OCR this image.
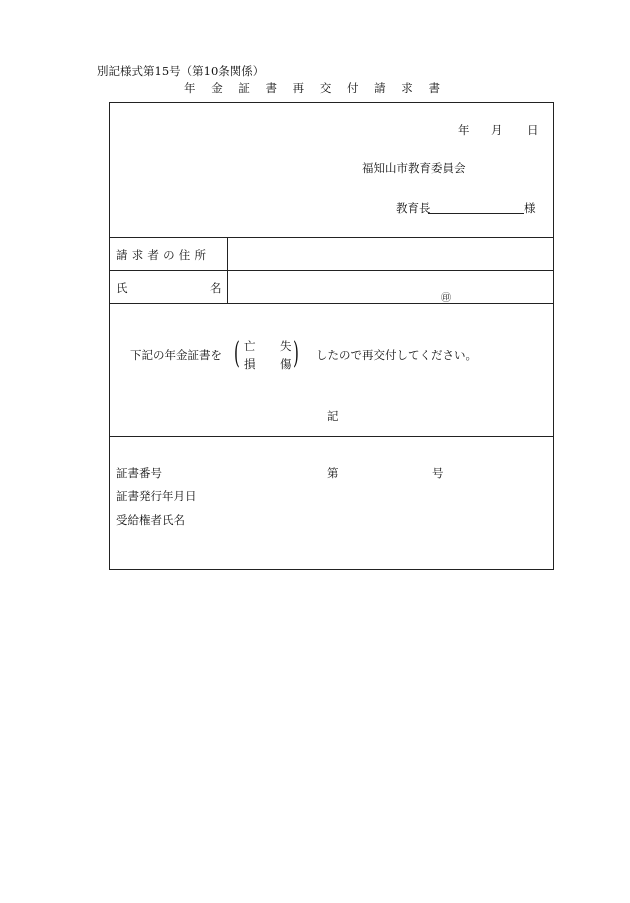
別記様式第15号（第10条関係）
年 金 証 書 再 交 付 請 求 書
年 月 日
福知山市教育委員会
教育長	様
請求者の住所
氏	名
㊞
下記の年金証書を ( 亡 失
損 傷 ) したので再交付してください。
記
証書番号	第	号
証書発行年月日
受給権者氏名
